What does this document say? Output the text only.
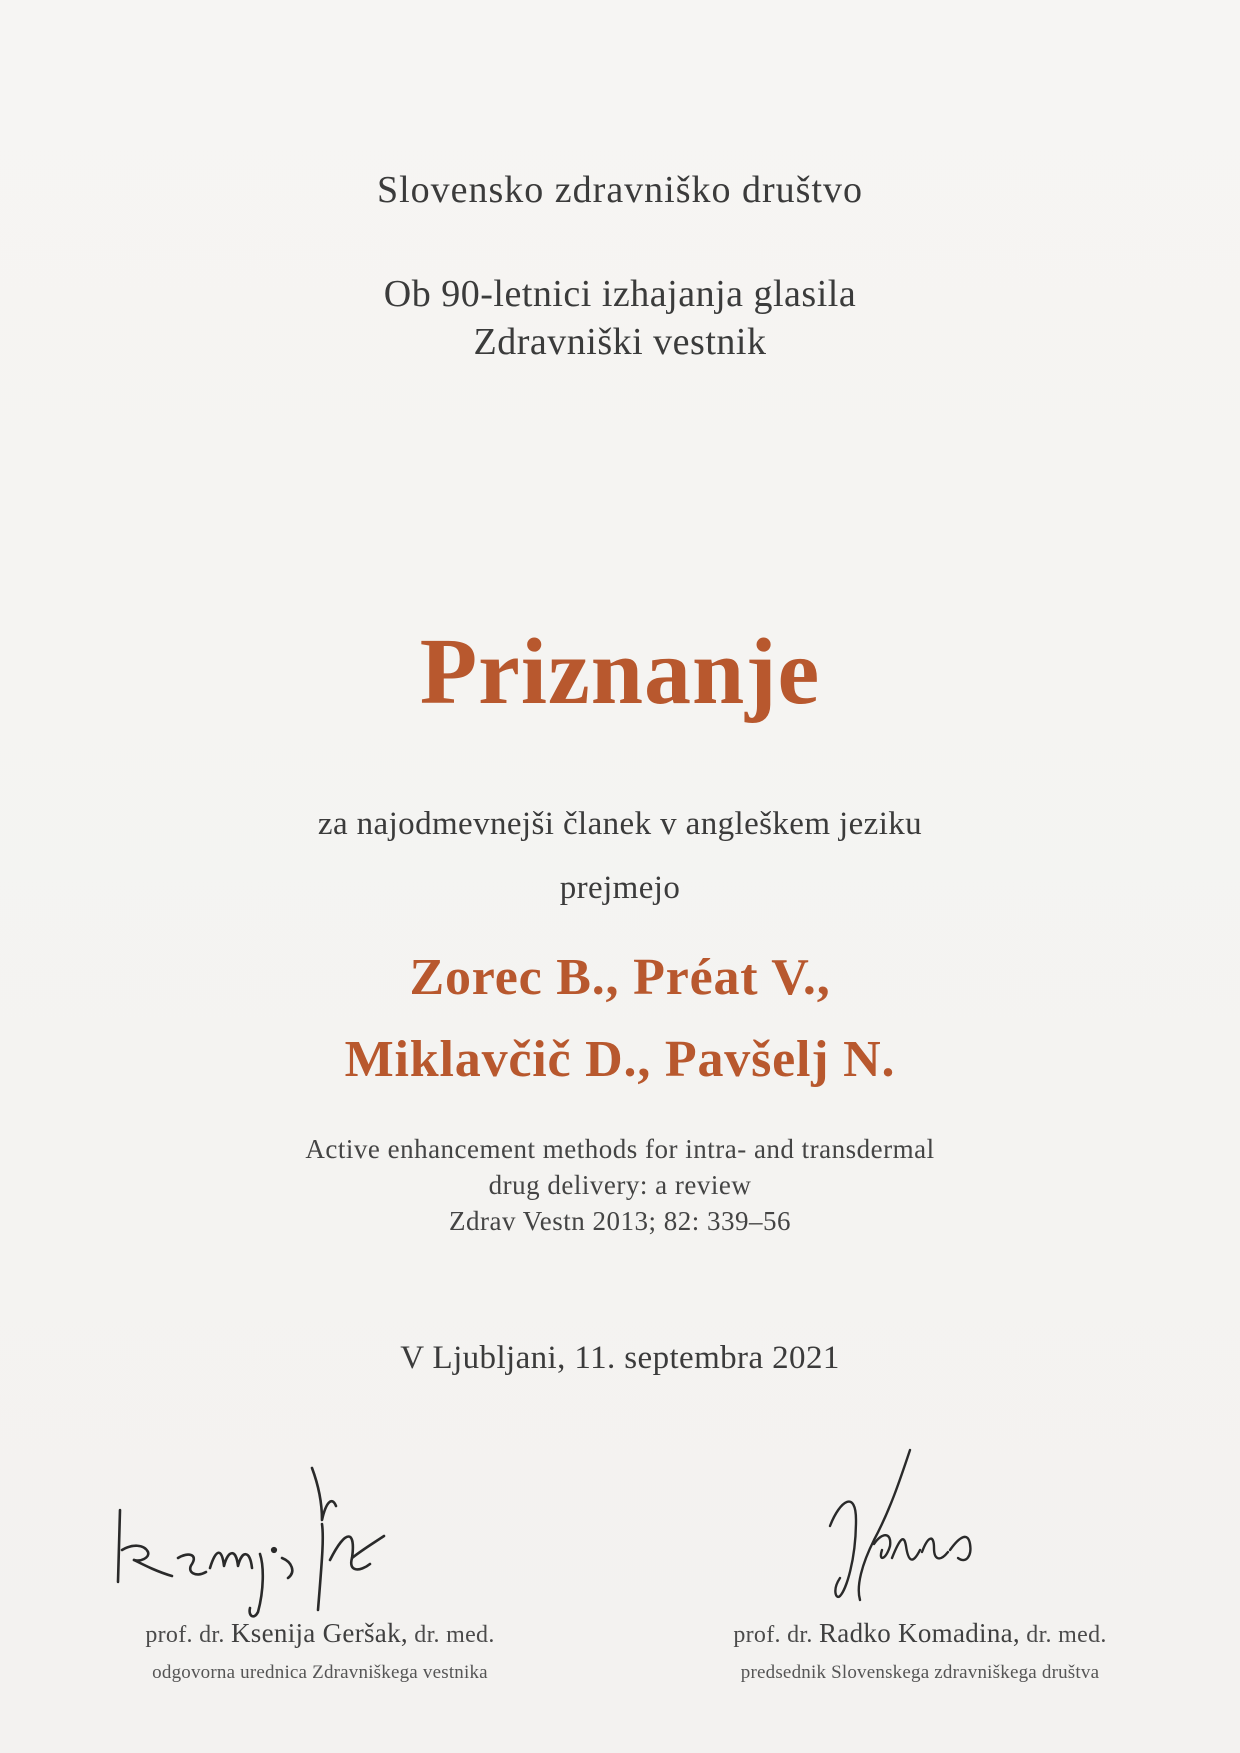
Slovensko zdravniško društvo
Ob 90-letnici izhajanja glasila
Zdravniški vestnik
Priznanje
za najodmevnejši članek v angleškem jeziku
prejmejo
Zorec B., Préat V.,
Miklavčič D., Pavšelj N.
Active enhancement methods for intra- and transdermal
drug delivery: a review
Zdrav Vestn 2013; 82: 339–56
V Ljubljani, 11. septembra 2021
prof. dr. Ksenija Geršak, dr. med.
odgovorna urednica Zdravniškega vestnika
prof. dr. Radko Komadina, dr. med.
predsednik Slovenskega zdravniškega društva
